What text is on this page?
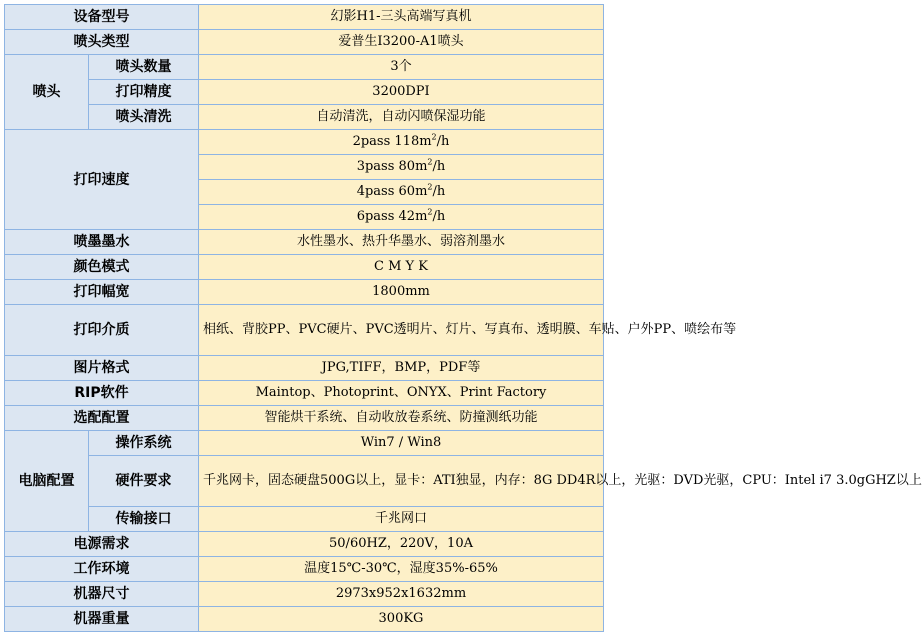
设备型号		幻影H1-三头高端写真机
喷头类型		爱普生I3200-A1喷头
喷头	喷头数量	3个
	打印精度	3200DPI
	喷头清洗	自动清洗，自动闪喷保湿功能
打印速度		2pass $118m^2/h$
		3pass $80m^2/h$
		4pass $60m^2/h$
		6pass $42m^2/h$
喷墨墨水		水性墨水、热升华墨水、弱溶剂墨水
颜色模式		C M Y K
打印幅宽		1800mm
打印介质		相纸、背胶PP、PVC硬片、PVC透明片、灯片、写真布、透明膜、车贴、户外PP、喷绘布等
图片格式		JPG,TIFF，BMP，PDF等
RIP软件		Maintop、Photoprint、ONYX、Print Factory
选配配置		智能烘干系统、自动收放卷系统、防撞测纸功能
电脑配置	操作系统	Win7 / Win8
	硬件要求	千兆网卡，固态硬盘500G以上，显卡：ATI独显，内存：8G DD4R以上，光驱：DVD光驱，CPU：Intel i7 3.0gGHZ以上
	传输接口	千兆网口
电源需求		50/60HZ，220V，10A
工作环境		温度15℃-30℃，湿度35%-65%
机器尺寸		2973x952x1632mm
机器重量		300KG
